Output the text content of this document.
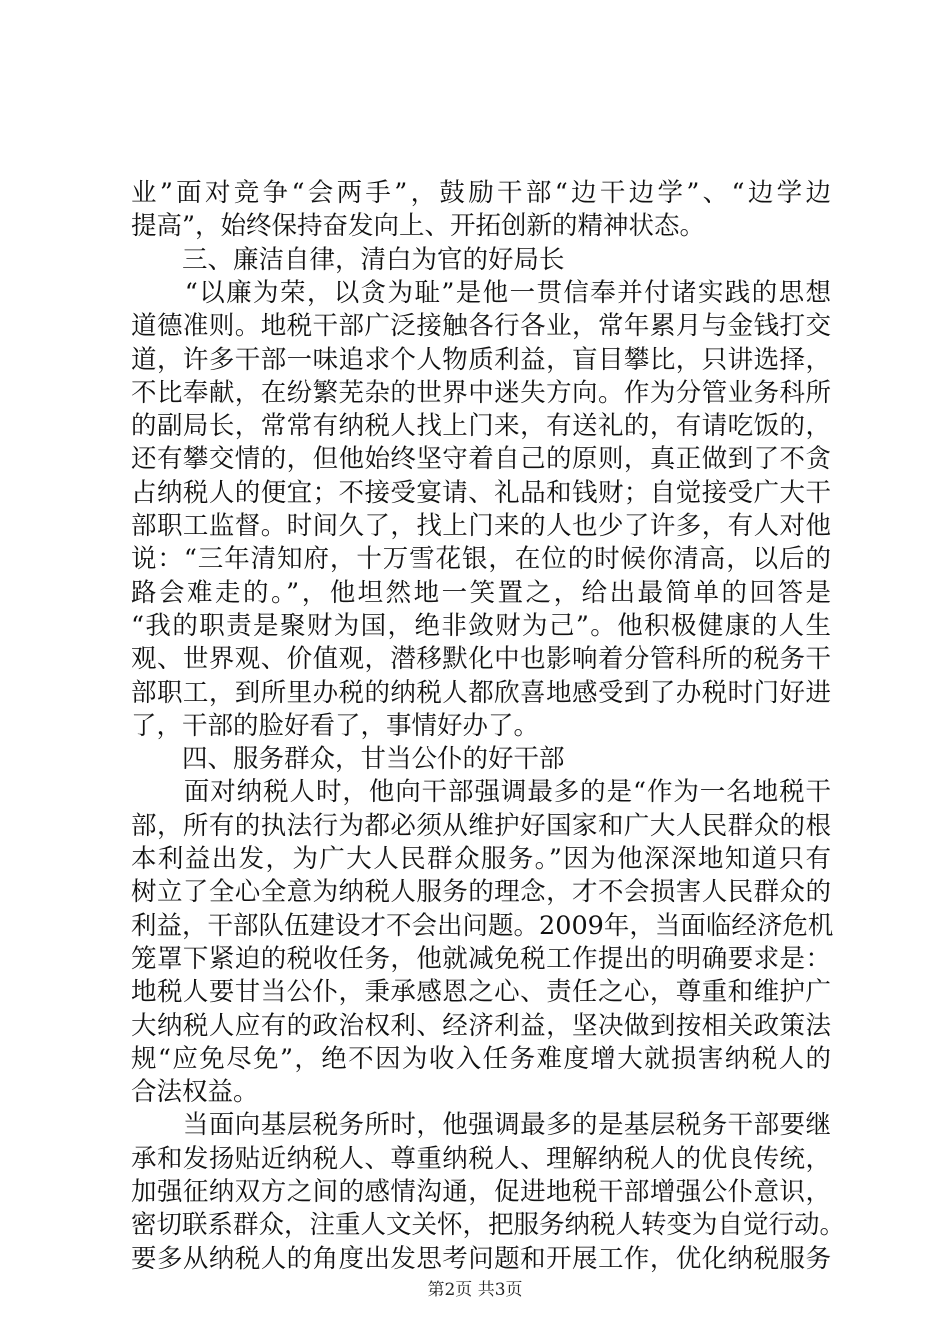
业”面对竞争“会两手”，鼓励干部“边干边学”、“边学边
提高”，始终保持奋发向上、开拓创新的精神状态。
　　三、廉洁自律，清白为官的好局长
　　“以廉为荣，以贪为耻”是他一贯信奉并付诸实践的思想
道德准则。地税干部广泛接触各行各业，常年累月与金钱打交
道，许多干部一味追求个人物质利益，盲目攀比，只讲选择，
不比奉献，在纷繁芜杂的世界中迷失方向。作为分管业务科所
的副局长，常常有纳税人找上门来，有送礼的，有请吃饭的，
还有攀交情的，但他始终坚守着自己的原则，真正做到了不贪
占纳税人的便宜；不接受宴请、礼品和钱财；自觉接受广大干
部职工监督。时间久了，找上门来的人也少了许多，有人对他
说：“三年清知府，十万雪花银，在位的时候你清高，以后的
路会难走的。”，他坦然地一笑置之，给出最简单的回答是
“我的职责是聚财为国，绝非敛财为己”。他积极健康的人生
观、世界观、价值观，潜移默化中也影响着分管科所的税务干
部职工，到所里办税的纳税人都欣喜地感受到了办税时门好进
了，干部的脸好看了，事情好办了。
　　四、服务群众，甘当公仆的好干部
　　面对纳税人时，他向干部强调最多的是“作为一名地税干
部，所有的执法行为都必须从维护好国家和广大人民群众的根
本利益出发，为广大人民群众服务。”因为他深深地知道只有
树立了全心全意为纳税人服务的理念，才不会损害人民群众的
利益，干部队伍建设才不会出问题。2009年，当面临经济危机
笼罩下紧迫的税收任务，他就减免税工作提出的明确要求是：
地税人要甘当公仆，秉承感恩之心、责任之心，尊重和维护广
大纳税人应有的政治权利、经济利益，坚决做到按相关政策法
规“应免尽免”，绝不因为收入任务难度增大就损害纳税人的
合法权益。
　　当面向基层税务所时，他强调最多的是基层税务干部要继
承和发扬贴近纳税人、尊重纳税人、理解纳税人的优良传统，
加强征纳双方之间的感情沟通，促进地税干部增强公仆意识，
密切联系群众，注重人文关怀，把服务纳税人转变为自觉行动。
要多从纳税人的角度出发思考问题和开展工作，优化纳税服务
第2页 共3页
